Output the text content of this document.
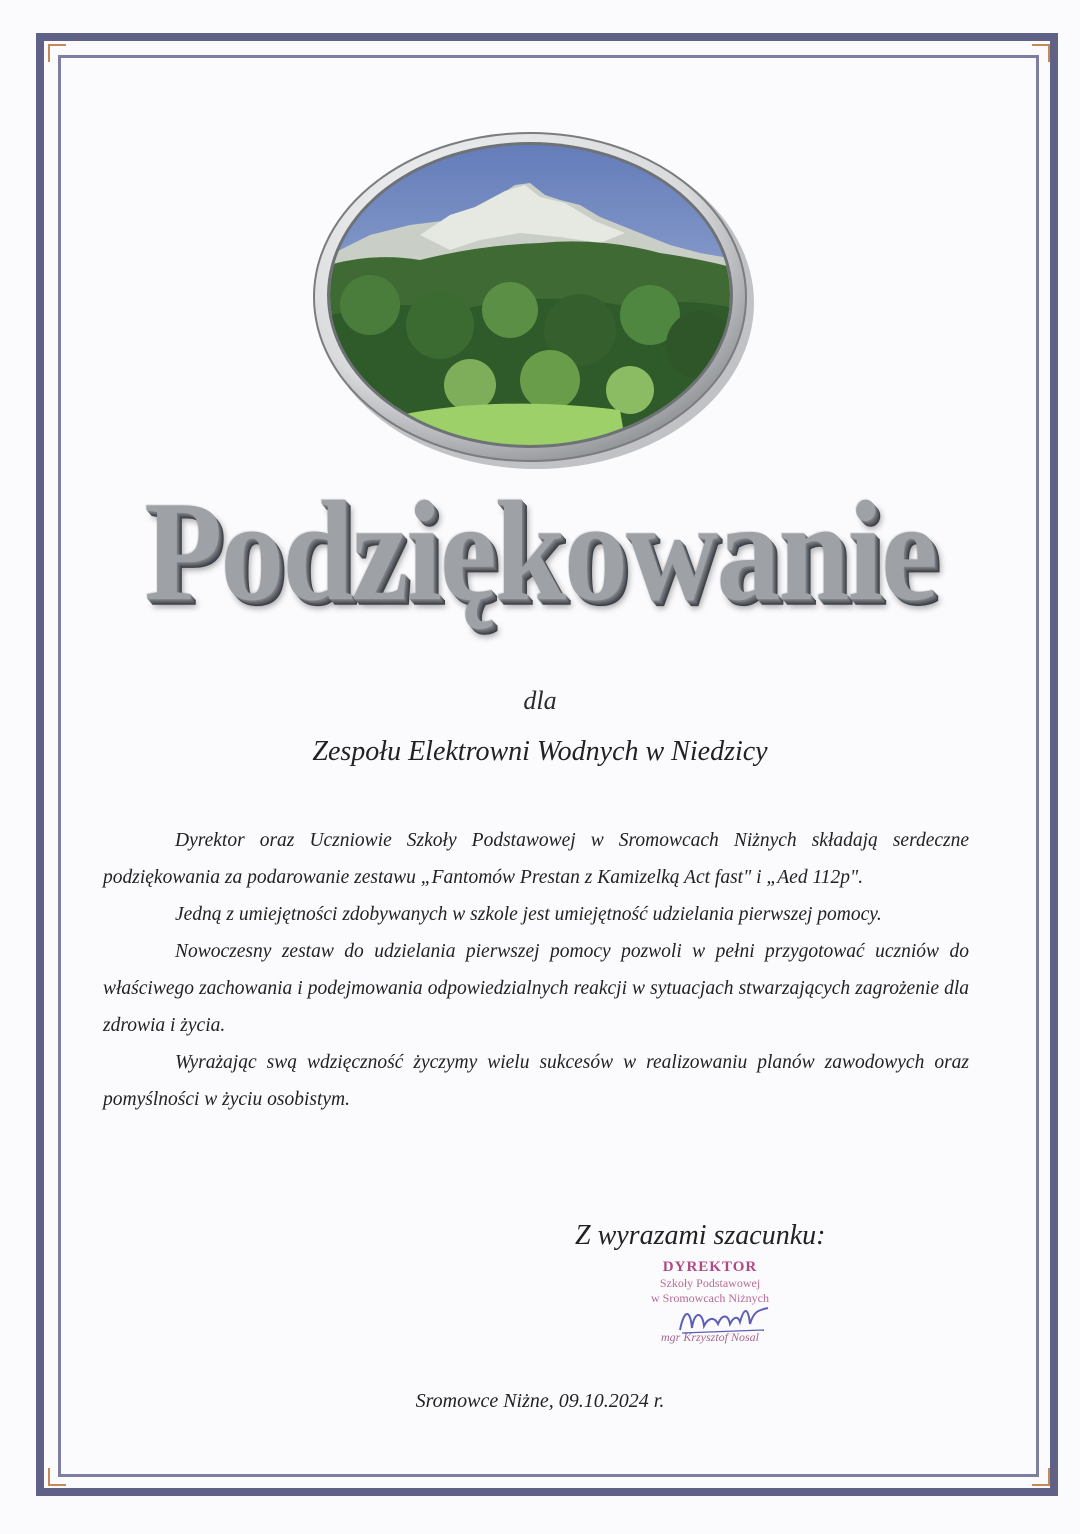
Podziękowanie
dla
Zespołu Elektrowni Wodnych w Niedzicy

Dyrektor oraz Uczniowie Szkoły Podstawowej w Sromowcach Niżnych składają serdeczne podziękowania za podarowanie zestawu „Fantomów Prestan z Kamizelką Act fast" i „Aed 112p".

Jedną z umiejętności zdobywanych w szkole jest umiejętność udzielania pierwszej pomocy.

Nowoczesny zestaw do udzielania pierwszej pomocy pozwoli w pełni przygotować uczniów do właściwego zachowania i podejmowania odpowiedzialnych reakcji w sytuacjach stwarzających zagrożenie dla zdrowia i życia.

Wyrażając swą wdzięczność życzymy wielu sukcesów w realizowaniu planów zawodowych oraz pomyślności w życiu osobistym.

Z wyrazami szacunku:
DYREKTOR
Szkoły Podstawowej
w Sromowcach Niżnych
mgr Krzysztof Nosal
Sromowce Niżne, 09.10.2024 r.
